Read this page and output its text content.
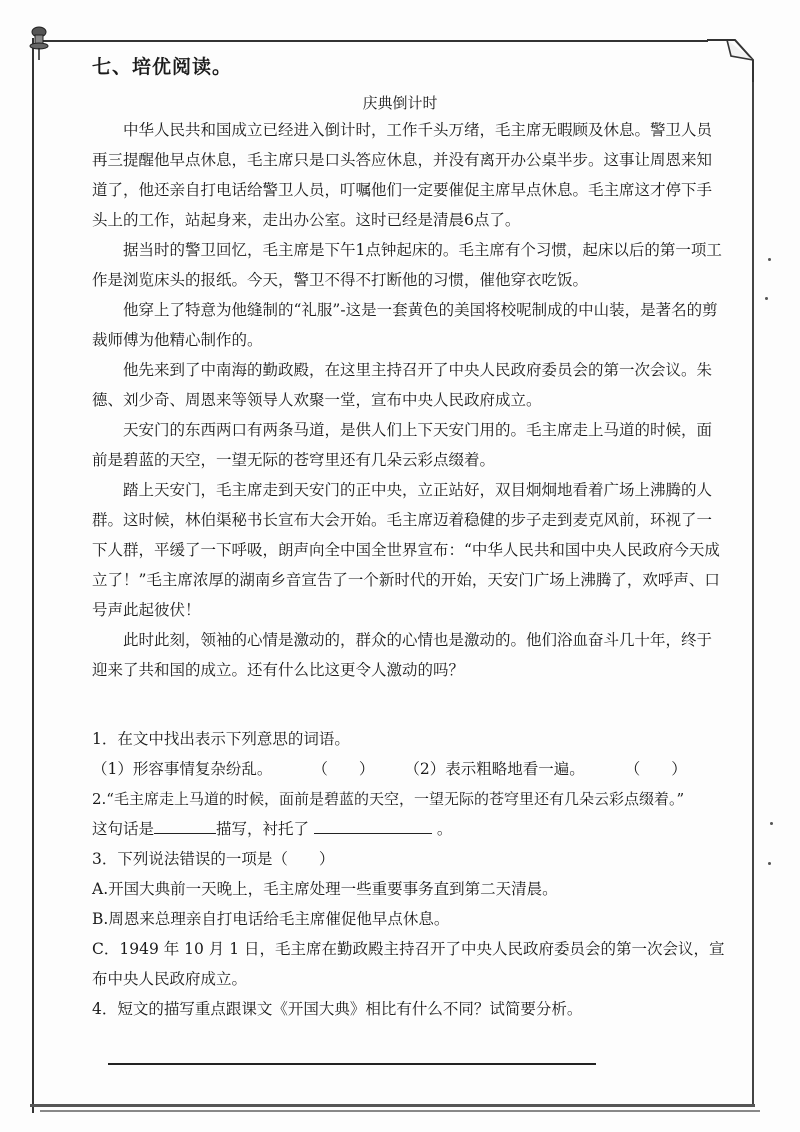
七、培优阅读。
庆典倒计时

中华人民共和国成立已经进入倒计时，工作千头万绪，毛主席无暇顾及休息。警卫人员再三提醒他早点休息，毛主席只是口头答应休息，并没有离开办公桌半步。这事让周恩来知道了，他还亲自打电话给警卫人员，叮嘱他们一定要催促主席早点休息。毛主席这才停下手头上的工作，站起身来，走出办公室。这时已经是清晨6点了。

据当时的警卫回忆，毛主席是下午1点钟起床的。毛主席有个习惯，起床以后的第一项工作是浏览床头的报纸。今天，警卫不得不打断他的习惯，催他穿衣吃饭。

他穿上了特意为他缝制的“礼服”-这是一套黄色的美国将校呢制成的中山装，是著名的剪裁师傅为他精心制作的。

他先来到了中南海的勤政殿，在这里主持召开了中央人民政府委员会的第一次会议。朱德、刘少奇、周恩来等领导人欢聚一堂，宣布中央人民政府成立。

天安门的东西两口有两条马道，是供人们上下天安门用的。毛主席走上马道的时候，面前是碧蓝的天空，一望无际的苍穹里还有几朵云彩点缀着。

踏上天安门，毛主席走到天安门的正中央，立正站好，双目炯炯地看着广场上沸腾的人群。这时候，林伯渠秘书长宣布大会开始。毛主席迈着稳健的步子走到麦克风前，环视了一下人群，平缓了一下呼吸，朗声向全中国全世界宣布：“中华人民共和国中央人民政府今天成立了！”毛主席浓厚的湖南乡音宣告了一个新时代的开始，天安门广场上沸腾了，欢呼声、口号声此起彼伏！

此时此刻，领袖的心情是激动的，群众的心情也是激动的。他们浴血奋斗几十年，终于迎来了共和国的成立。还有什么比这更令人激动的吗？

1．在文中找出表示下列意思的词语。

（1）形容事情复杂纷乱。	（　　） （2）表示粗略地看一遍。	（　　）

2.“毛主席走上马道的时候，面前是碧蓝的天空，一望无际的苍穹里还有几朵云彩点缀着。”

这句话是	描写，衬托了	。

3．下列说法错误的一项是（　　）

A.开国大典前一天晚上，毛主席处理一些重要事务直到第二天清晨。

B.周恩来总理亲自打电话给毛主席催促他早点休息。

C．1949 年 10 月 1 日，毛主席在勤政殿主持召开了中央人民政府委员会的第一次会议，宣

布中央人民政府成立。

4．短文的描写重点跟课文《开国大典》相比有什么不同？试简要分析。
